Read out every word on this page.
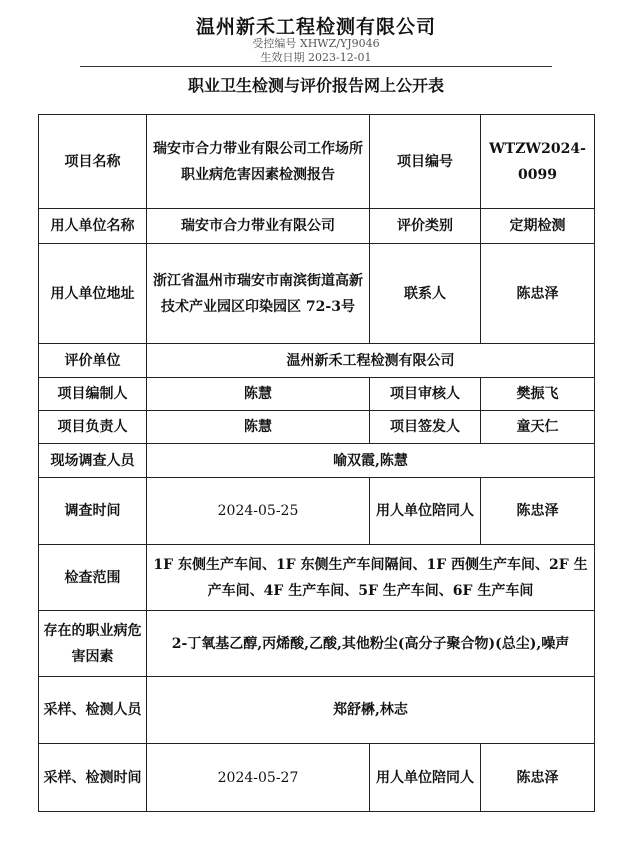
温州新禾工程检测有限公司
受控编号 XHWZ/YJ9046
生效日期 2023-12-01
职业卫生检测与评价报告网上公开表
项目名称	瑞安市合力带业有限公司工作场所职业病危害因素检测报告	项目编号	WTZW2024-0099
用人单位名称	瑞安市合力带业有限公司	评价类别	定期检测
用人单位地址	浙江省温州市瑞安市南滨街道高新技术产业园区印染园区 72-3号	联系人	陈忠泽
评价单位	温州新禾工程检测有限公司		
项目编制人	陈慧	项目审核人	樊振飞
项目负责人	陈慧	项目签发人	童天仁
现场调查人员	喻双霞,陈慧		
调查时间	2024-05-25	用人单位陪同人	陈忠泽
检查范围	1F 东侧生产车间、1F 东侧生产车间隔间、1F 西侧生产车间、2F 生产车间、4F 生产车间、5F 生产车间、6F 生产车间		
存在的职业病危害因素	2-丁氧基乙醇,丙烯酸,乙酸,其他粉尘(高分子聚合物)(总尘),噪声		
采样、检测人员	郑舒楙,林志		
采样、检测时间	2024-05-27	用人单位陪同人	陈忠泽
